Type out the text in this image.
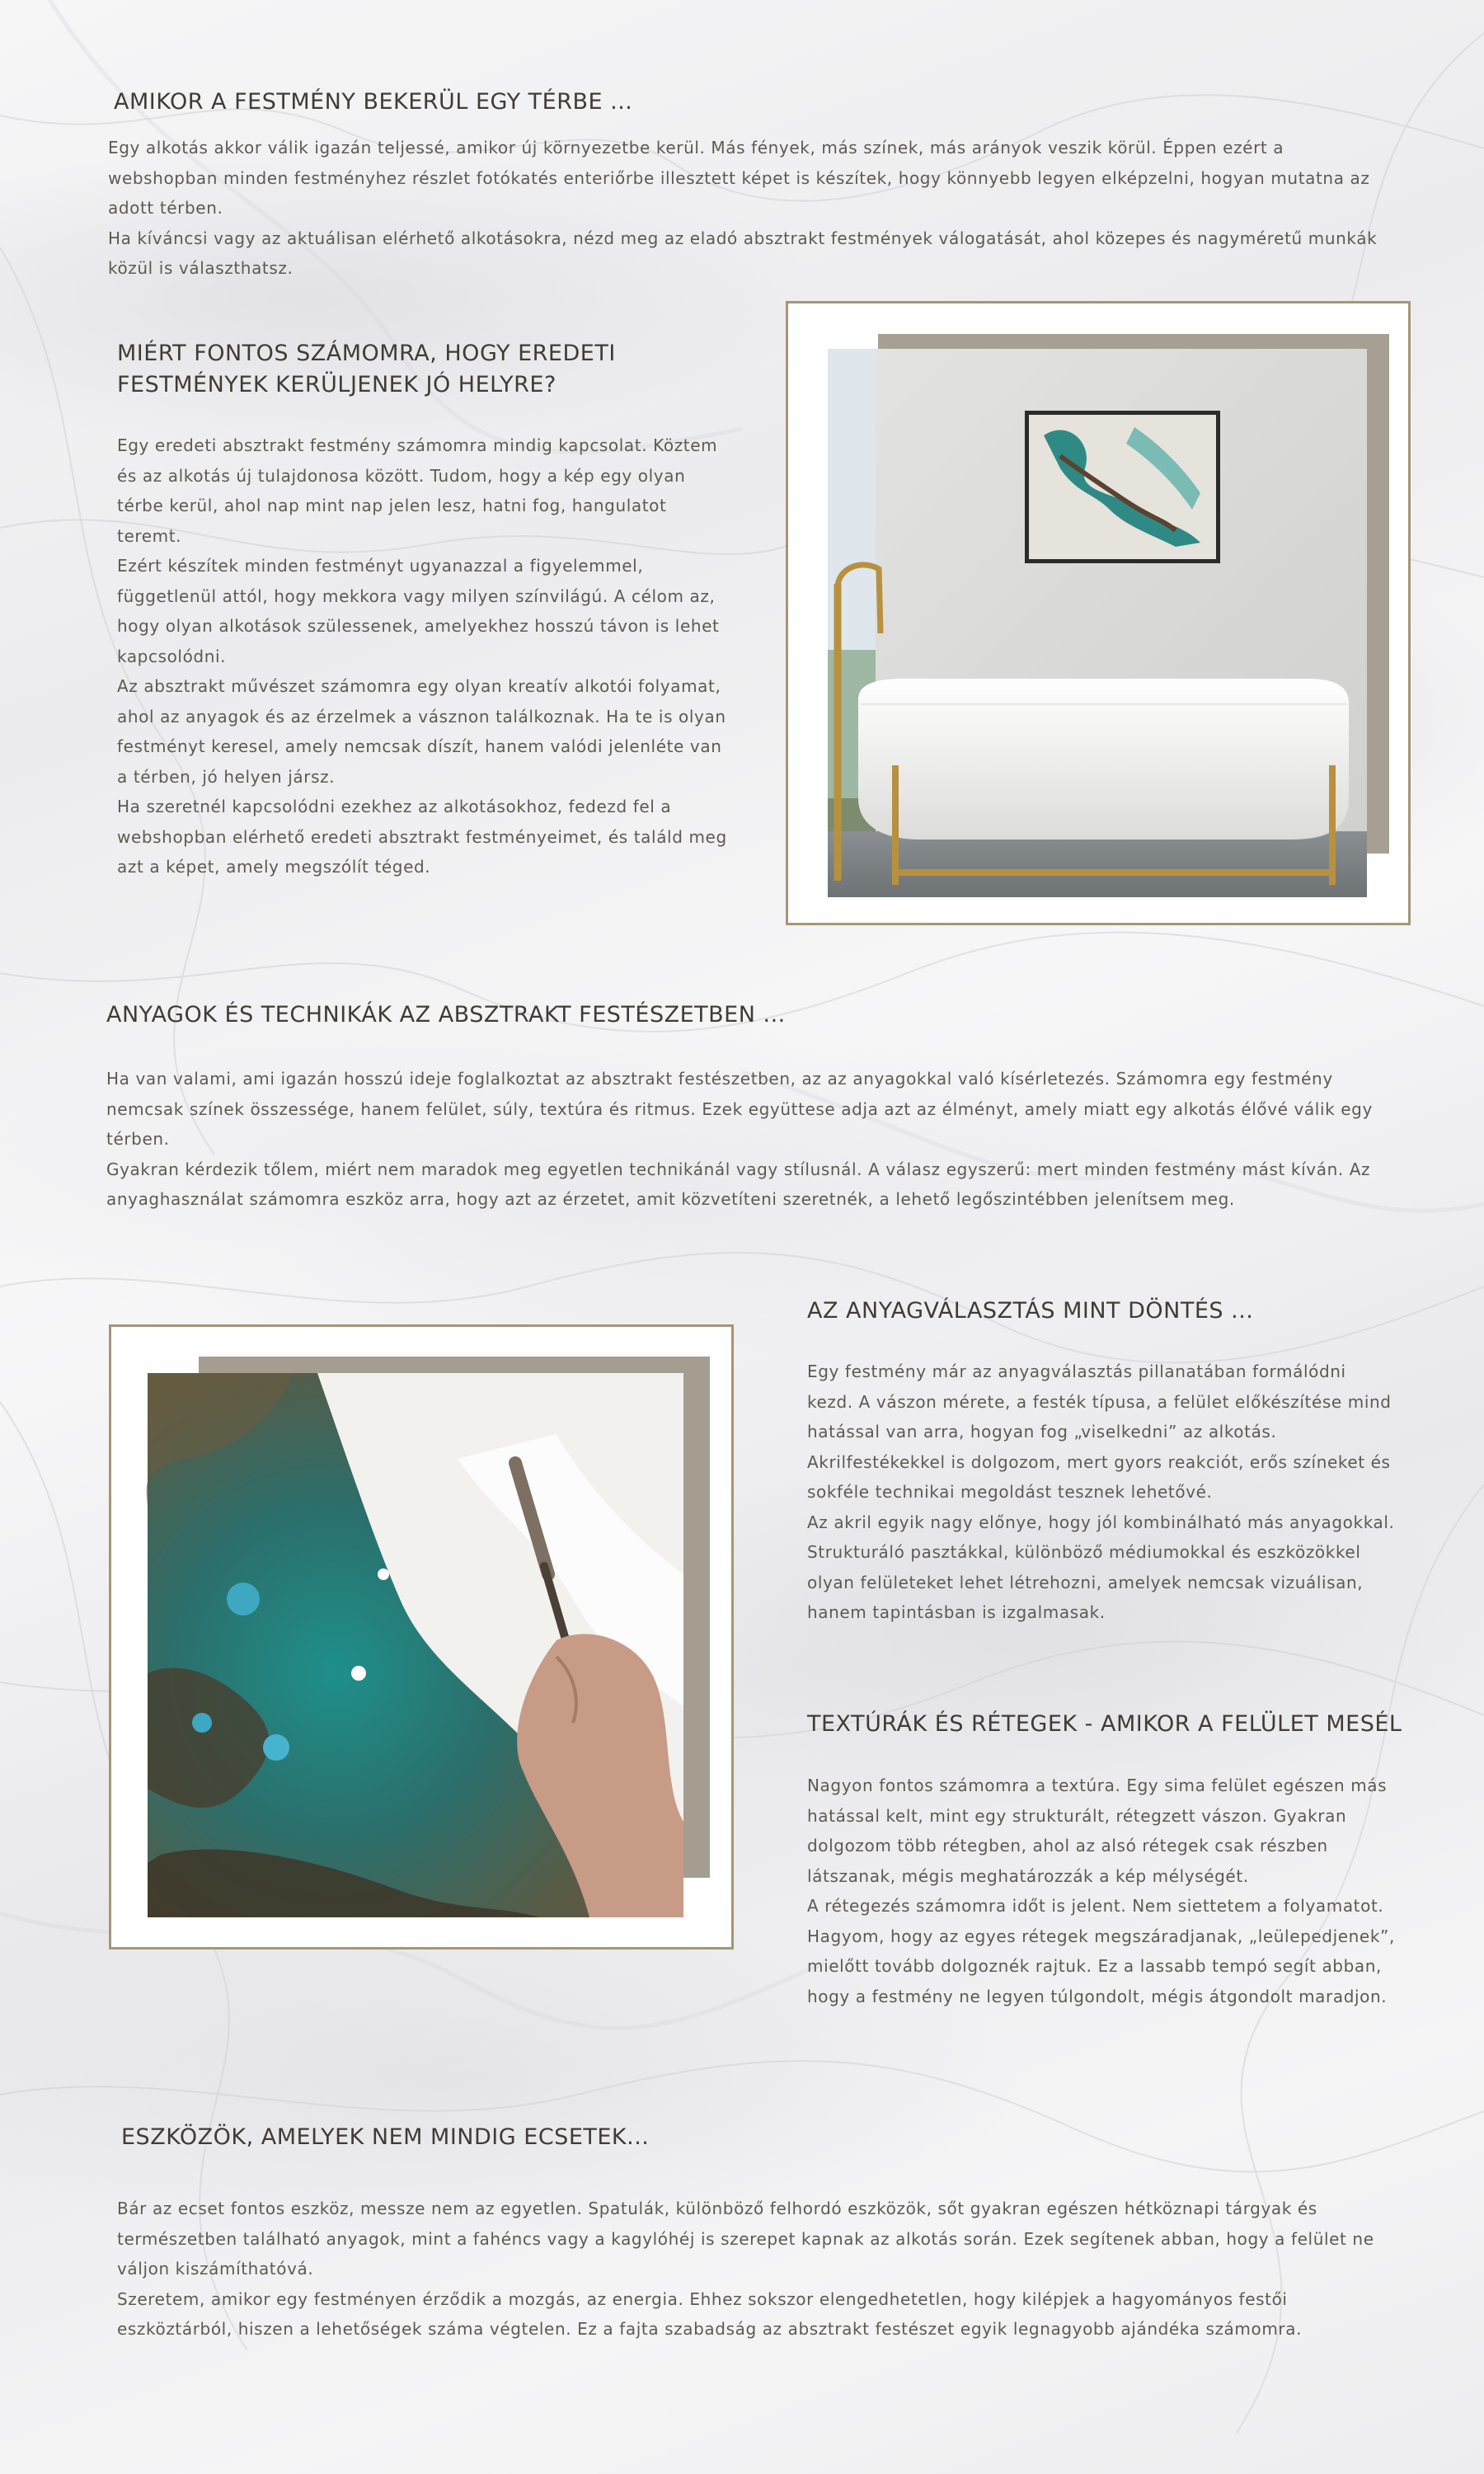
AMIKOR A FESTMÉNY BEKERÜL EGY TÉRBE ...

Egy alkotás akkor válik igazán teljessé, amikor új környezetbe kerül. Más fények, más színek, más arányok veszik körül. Éppen ezért a webshopban minden festményhez részlet fotókatés enteriőrbe illesztett képet is készítek, hogy könnyebb legyen elképzelni, hogyan mutatna az adott térben.

Ha kíváncsi vagy az aktuálisan elérhető alkotásokra, nézd meg az eladó absztrakt festmények válogatását, ahol közepes és nagyméretű munkák közül is választhatsz.

MIÉRT FONTOS SZÁMOMRA, HOGY EREDETI
FESTMÉNYEK KERÜLJENEK JÓ HELYRE?

Egy eredeti absztrakt festmény számomra mindig kapcsolat. Köztem és az alkotás új tulajdonosa között. Tudom, hogy a kép egy olyan térbe kerül, ahol nap mint nap jelen lesz, hatni fog, hangulatot teremt.

Ezért készítek minden festményt ugyanazzal a figyelemmel, függetlenül attól, hogy mekkora vagy milyen színvilágú. A célom az, hogy olyan alkotások szülessenek, amelyekhez hosszú távon is lehet kapcsolódni.

Az absztrakt művészet számomra egy olyan kreatív alkotói folyamat, ahol az anyagok és az érzelmek a vásznon találkoznak. Ha te is olyan festményt keresel, amely nemcsak díszít, hanem valódi jelenléte van a térben, jó helyen jársz.

Ha szeretnél kapcsolódni ezekhez az alkotásokhoz, fedezd fel a webshopban elérhető eredeti absztrakt festményeimet, és találd meg azt a képet, amely megszólít téged.

ANYAGOK ÉS TECHNIKÁK AZ ABSZTRAKT FESTÉSZETBEN ...

Ha van valami, ami igazán hosszú ideje foglalkoztat az absztrakt festészetben, az az anyagokkal való kísérletezés. Számomra egy festmény nemcsak színek összessége, hanem felület, súly, textúra és ritmus. Ezek együttese adja azt az élményt, amely miatt egy alkotás élővé válik egy térben.

Gyakran kérdezik tőlem, miért nem maradok meg egyetlen technikánál vagy stílusnál. A válasz egyszerű: mert minden festmény mást kíván. Az anyaghasználat számomra eszköz arra, hogy azt az érzetet, amit közvetíteni szeretnék, a lehető legőszintébben jelenítsem meg.

AZ ANYAGVÁLASZTÁS MINT DÖNTÉS ...

Egy festmény már az anyagválasztás pillanatában formálódni kezd. A vászon mérete, a festék típusa, a felület előkészítése mind hatással van arra, hogyan fog „viselkedni” az alkotás. Akrilfestékekkel is dolgozom, mert gyors reakciót, erős színeket és sokféle technikai megoldást tesznek lehetővé.

Az akril egyik nagy előnye, hogy jól kombinálható más anyagokkal. Strukturáló pasztákkal, különböző médiumokkal és eszközökkel olyan felületeket lehet létrehozni, amelyek nemcsak vizuálisan, hanem tapintásban is izgalmasak.

TEXTÚRÁK ÉS RÉTEGEK - AMIKOR A FELÜLET MESÉL

Nagyon fontos számomra a textúra. Egy sima felület egészen más hatással kelt, mint egy strukturált, rétegzett vászon. Gyakran dolgozom több rétegben, ahol az alsó rétegek csak részben látszanak, mégis meghatározzák a kép mélységét.

A rétegezés számomra időt is jelent. Nem siettetem a folyamatot. Hagyom, hogy az egyes rétegek megszáradjanak, „leülepedjenek”, mielőtt tovább dolgoznék rajtuk. Ez a lassabb tempó segít abban, hogy a festmény ne legyen túlgondolt, mégis átgondolt maradjon.

ESZKÖZÖK, AMELYEK NEM MINDIG ECSETEK...

Bár az ecset fontos eszköz, messze nem az egyetlen. Spatulák, különböző felhordó eszközök, sőt gyakran egészen hétköznapi tárgyak és természetben található anyagok, mint a fahéncs vagy a kagylóhéj is szerepet kapnak az alkotás során. Ezek segítenek abban, hogy a felület ne váljon kiszámíthatóvá.

Szeretem, amikor egy festményen érződik a mozgás, az energia. Ehhez sokszor elengedhetetlen, hogy kilépjek a hagyományos festői eszköztárból, hiszen a lehetőségek száma végtelen. Ez a fajta szabadság az absztrakt festészet egyik legnagyobb ajándéka számomra.
